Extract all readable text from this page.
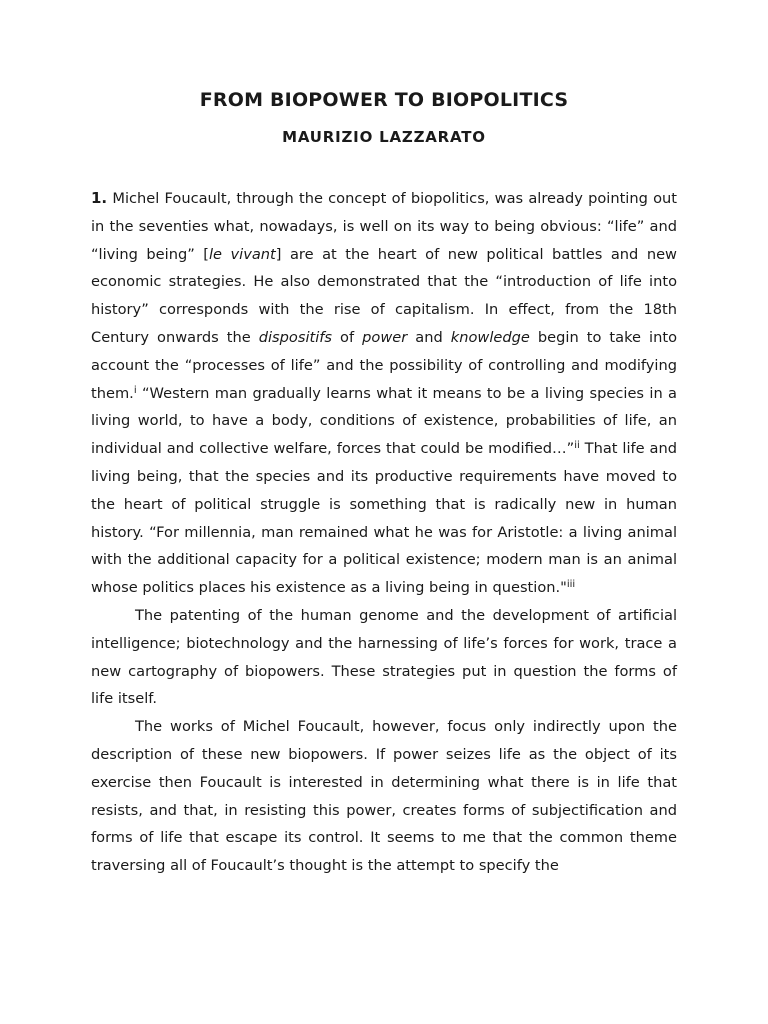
FROM BIOPOWER TO BIOPOLITICS
MAURIZIO LAZZARATO

1. Michel Foucault, through the concept of biopolitics, was already pointing out in the seventies what, nowadays, is well on its way to being obvious: “life” and “living being” [le vivant] are at the heart of new political battles and new economic strategies. He also demonstrated that the “introduction of life into history” corresponds with the rise of capitalism. In effect, from the 18th Century onwards the dispositifs of power and knowledge begin to take into account the “processes of life” and the possibility of controlling and modifying them.$^i$ “Western man gradually learns what it means to be a living species in a living world, to have a body, conditions of existence, probabilities of life, an individual and collective welfare, forces that could be modified…”$^{ii}$ That life and living being, that the species and its productive requirements have moved to the heart of political struggle is something that is radically new in human history. “For millennia, man remained what he was for Aristotle: a living animal with the additional capacity for a political existence; modern man is an animal whose politics places his existence as a living being in question."$^{iii}$

The patenting of the human genome and the development of artificial intelligence; biotechnology and the harnessing of life’s forces for work, trace a new cartography of biopowers. These strategies put in question the forms of life itself.

The works of Michel Foucault, however, focus only indirectly upon the description of these new biopowers. If power seizes life as the object of its exercise then Foucault is interested in determining what there is in life that resists, and that, in resisting this power, creates forms of subjectification and forms of life that escape its control. It seems to me that the common theme traversing all of Foucault’s thought is the attempt to specify the
